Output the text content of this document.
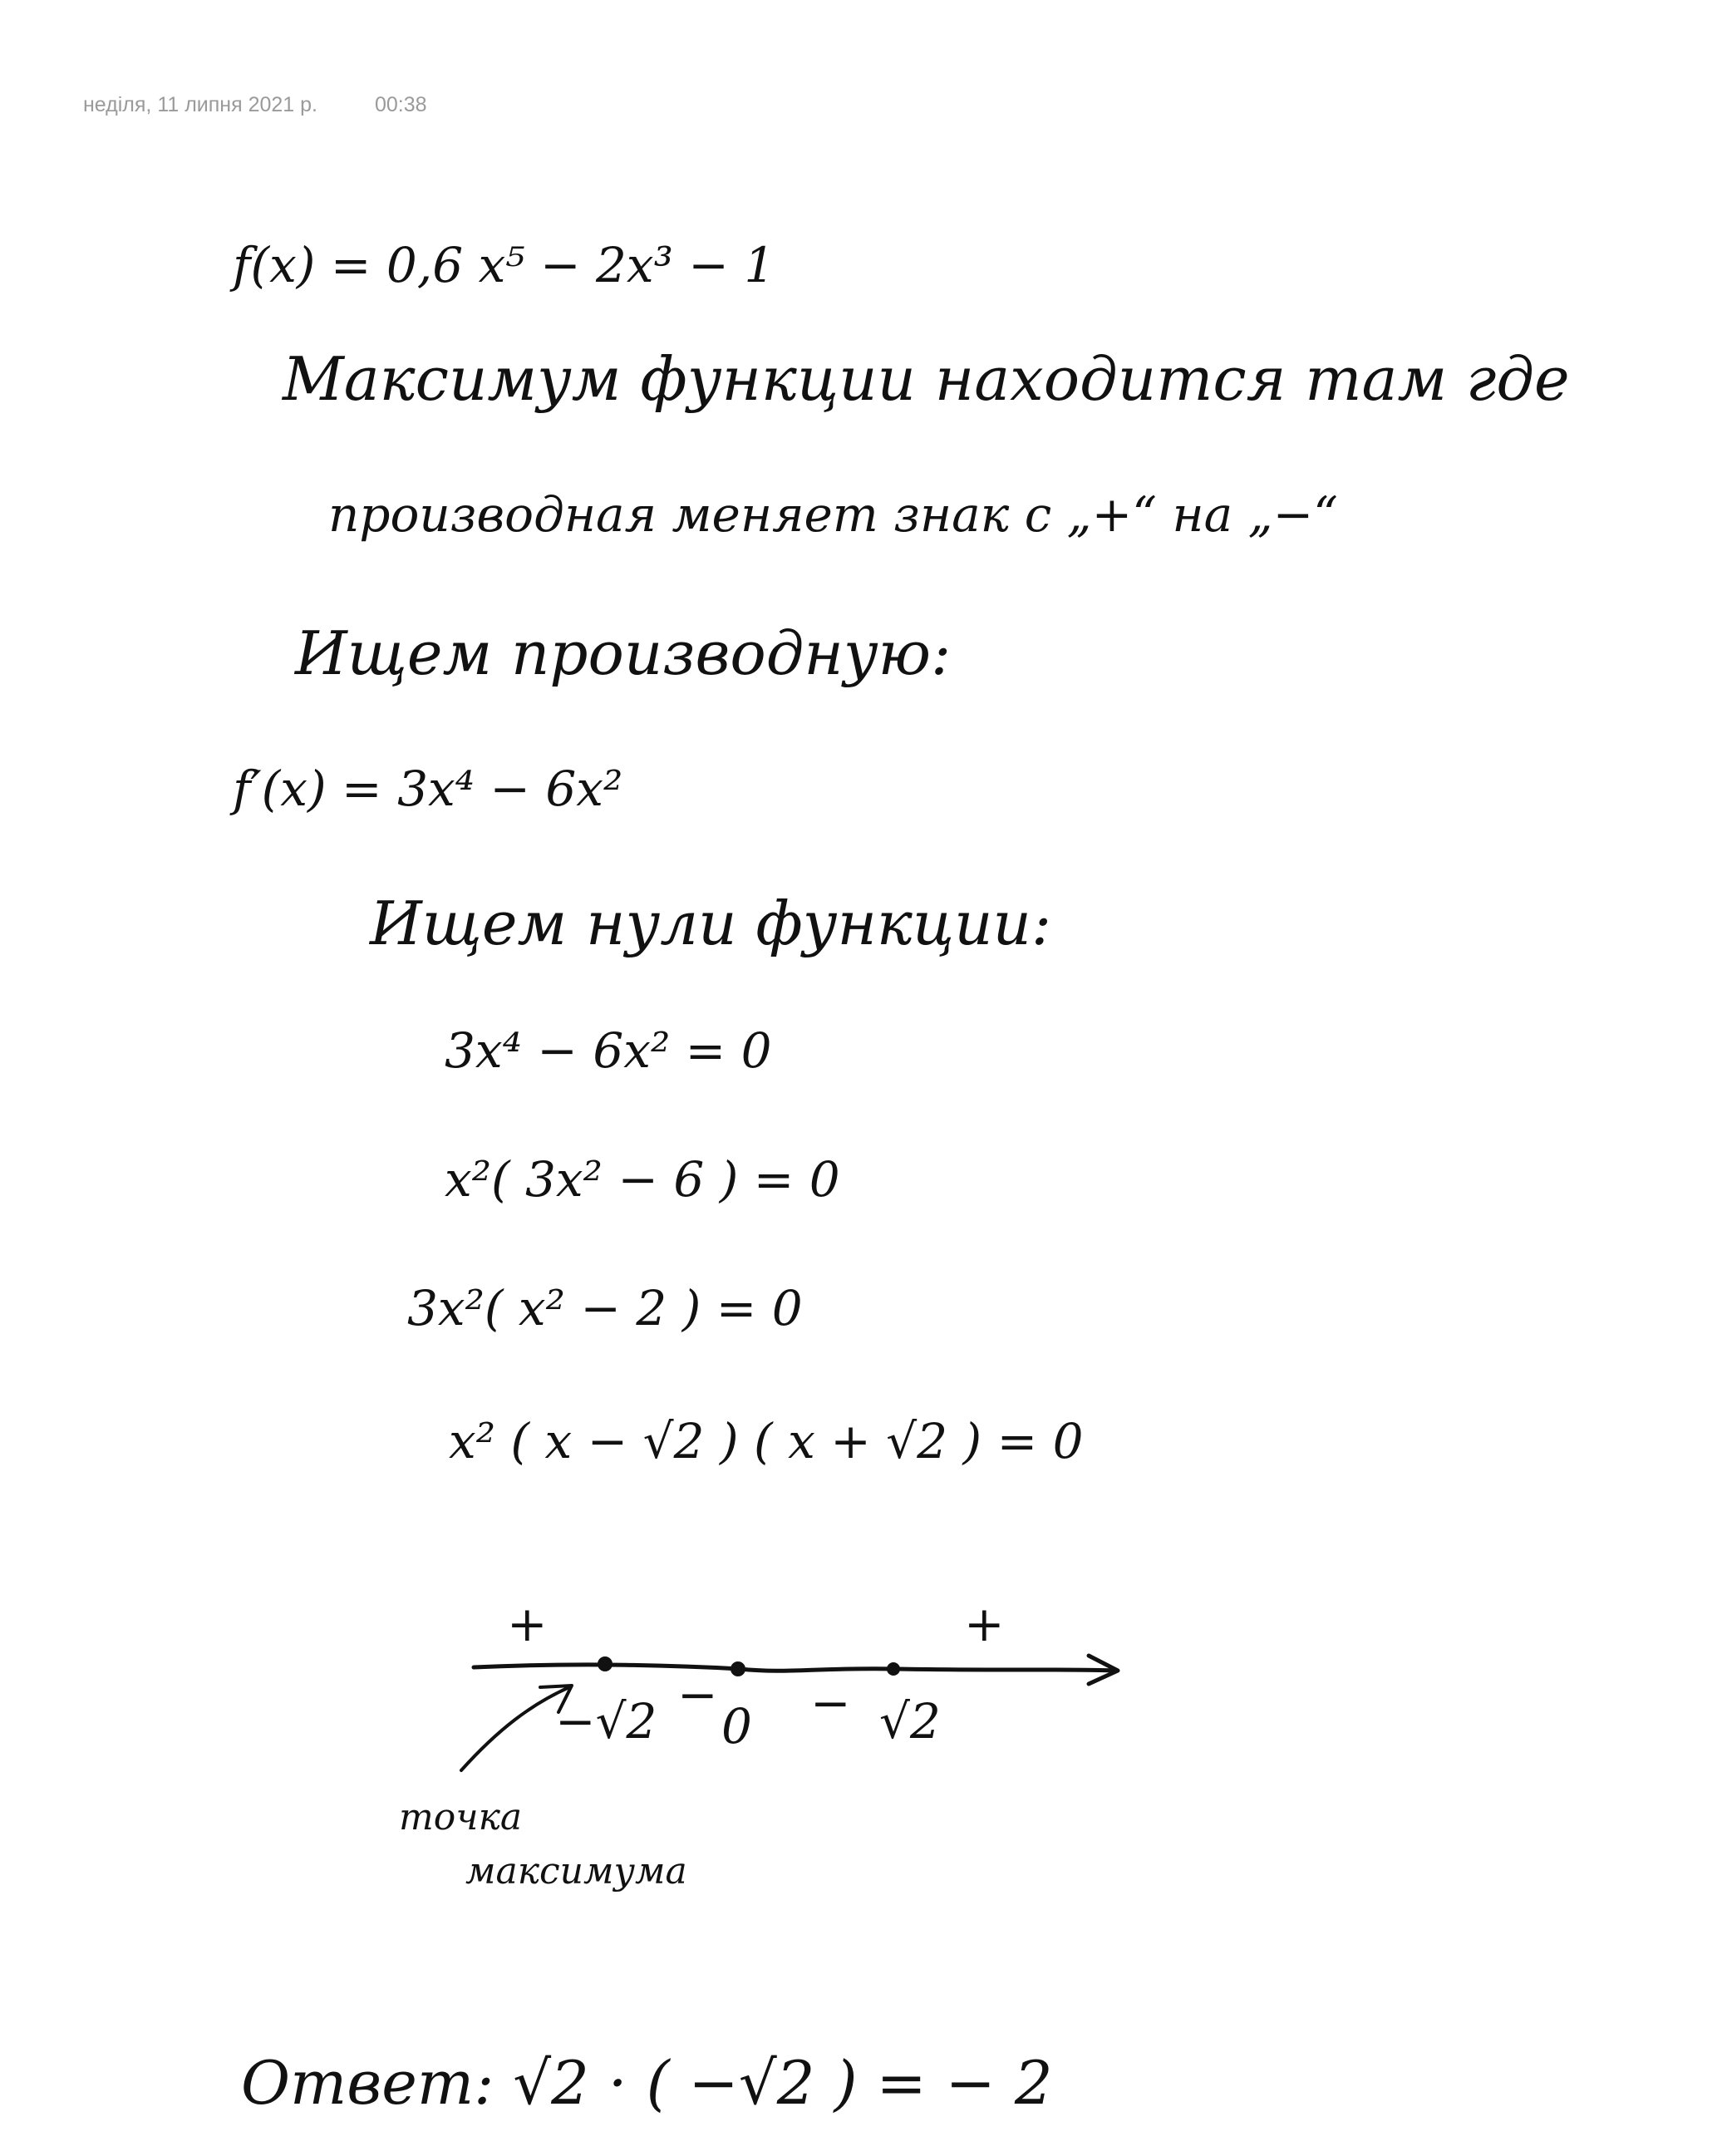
неділя, 11 липня 2021 р.	00:38
f(x) = 0,6 x⁵ − 2x³ − 1
Максимум функции находится там где
производная меняет знак с „+“ на „−“
Ищем производную:
f′(x) = 3x⁴ − 6x²
Ищем нули функции:
3x⁴ − 6x² = 0
x²( 3x² − 6 ) = 0
3x²( x² − 2 ) = 0
x² ( x − √2 ) ( x + √2 ) = 0
+
− −
+
−√2 0	√2
точка
максимума
Ответ: √2 · ( −√2 ) = − 2
